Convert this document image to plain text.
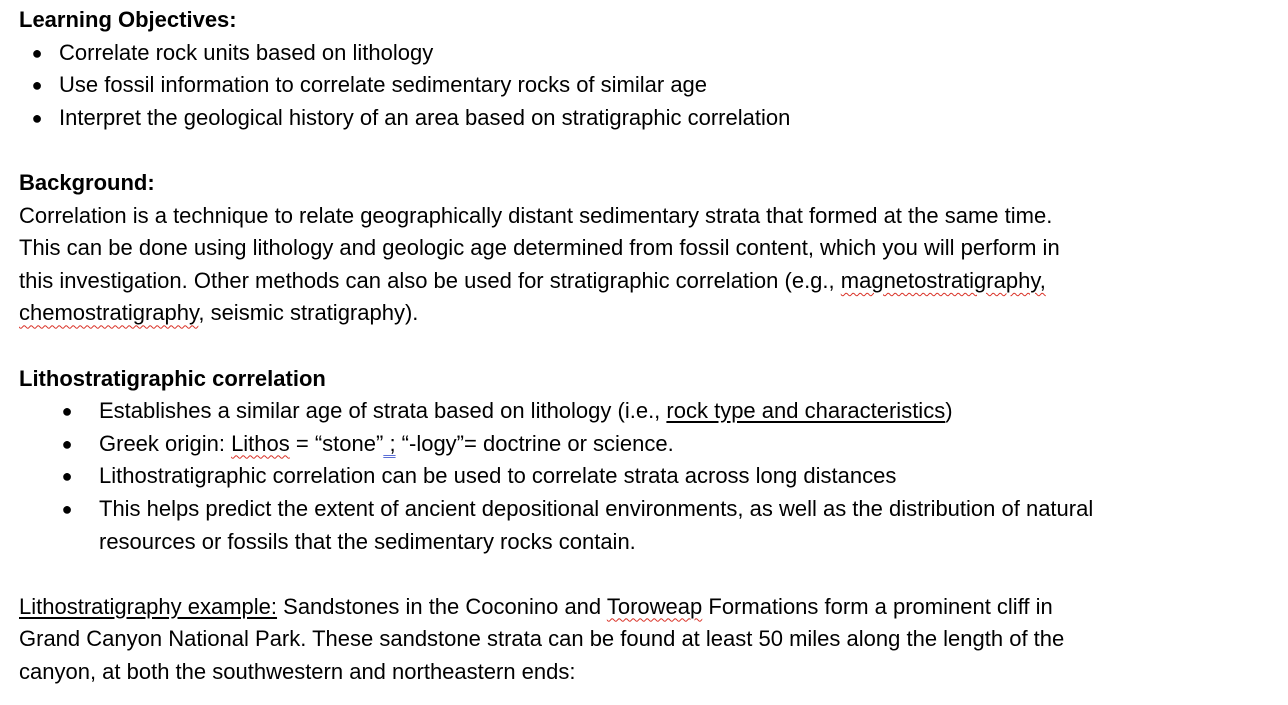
Learning Objectives:
● Correlate rock units based on lithology
● Use fossil information to correlate sedimentary rocks of similar age
● Interpret the geological history of an area based on stratigraphic correlation
Background:
Correlation is a technique to relate geographically distant sedimentary strata that formed at the same time.
This can be done using lithology and geologic age determined from fossil content, which you will perform in
this investigation. Other methods can also be used for stratigraphic correlation (e.g., magnetostratigraphy,
chemostratigraphy, seismic stratigraphy).
Lithostratigraphic correlation
● Establishes a similar age of strata based on lithology (i.e., rock type and characteristics)
● Greek origin: Lithos = “stone” ; “-logy”= doctrine or science.
● Lithostratigraphic correlation can be used to correlate strata across long distances
● This helps predict the extent of ancient depositional environments, as well as the distribution of natural
resources or fossils that the sedimentary rocks contain.
Lithostratigraphy example: Sandstones in the Coconino and Toroweap Formations form a prominent cliff in
Grand Canyon National Park. These sandstone strata can be found at least 50 miles along the length of the
canyon, at both the southwestern and northeastern ends:
